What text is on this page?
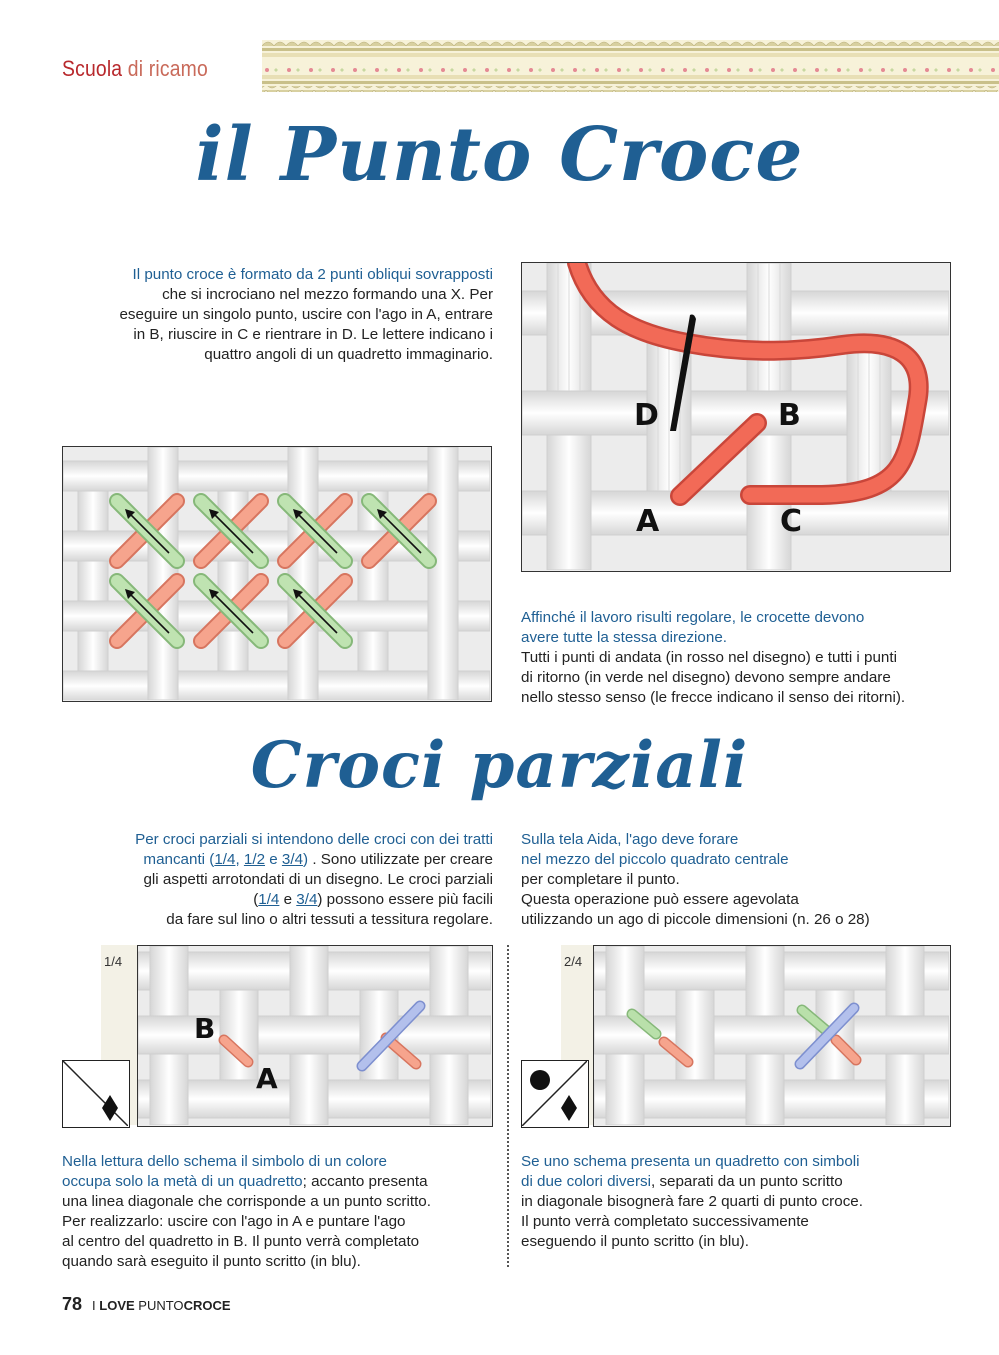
Scuola di ricamo
il Punto Croce
Croci parziali
Il punto croce è formato da 2 punti obliqui sovrapposti
che si incrociano nel mezzo formando una X. Per
eseguire un singolo punto, uscire con l'ago in A, entrare
in B, riuscire in C e rientrare in D. Le lettere indicano i
quattro angoli di un quadretto immaginario.
D	B
A	C
Affinché il lavoro risulti regolare, le crocette devono
avere tutte la stessa direzione.
Tutti i punti di andata (in rosso nel disegno) e tutti i punti
di ritorno (in verde nel disegno) devono sempre andare
nello stesso senso (le frecce indicano il senso dei ritorni).
Per croci parziali si intendono delle croci con dei tratti
mancanti (1/4, 1/2 e 3/4) . Sono utilizzate per creare
gli aspetti arrotondati di un disegno. Le croci parziali
(1/4 e 3/4) possono essere più facili
da fare sul lino o altri tessuti a tessitura regolare.
Sulla tela Aida, l'ago deve forare
nel mezzo del piccolo quadrato centrale
per completare il punto.
Questa operazione può essere agevolata
utilizzando un ago di piccole dimensioni (n. 26 o 28)
1/4
B
A
2/4
Nella lettura dello schema il simbolo di un colore
occupa solo la metà di un quadretto; accanto presenta
una linea diagonale che corrisponde a un punto scritto.
Per realizzarlo: uscire con l'ago in A e puntare l'ago
al centro del quadretto in B. Il punto verrà completato
quando sarà eseguito il punto scritto (in blu).
Se uno schema presenta un quadretto con simboli
di due colori diversi, separati da un punto scritto
in diagonale bisognerà fare 2 quarti di punto croce.
Il punto verrà completato successivamente
eseguendo il punto scritto (in blu).
78 I LOVE PUNTOCROCE
